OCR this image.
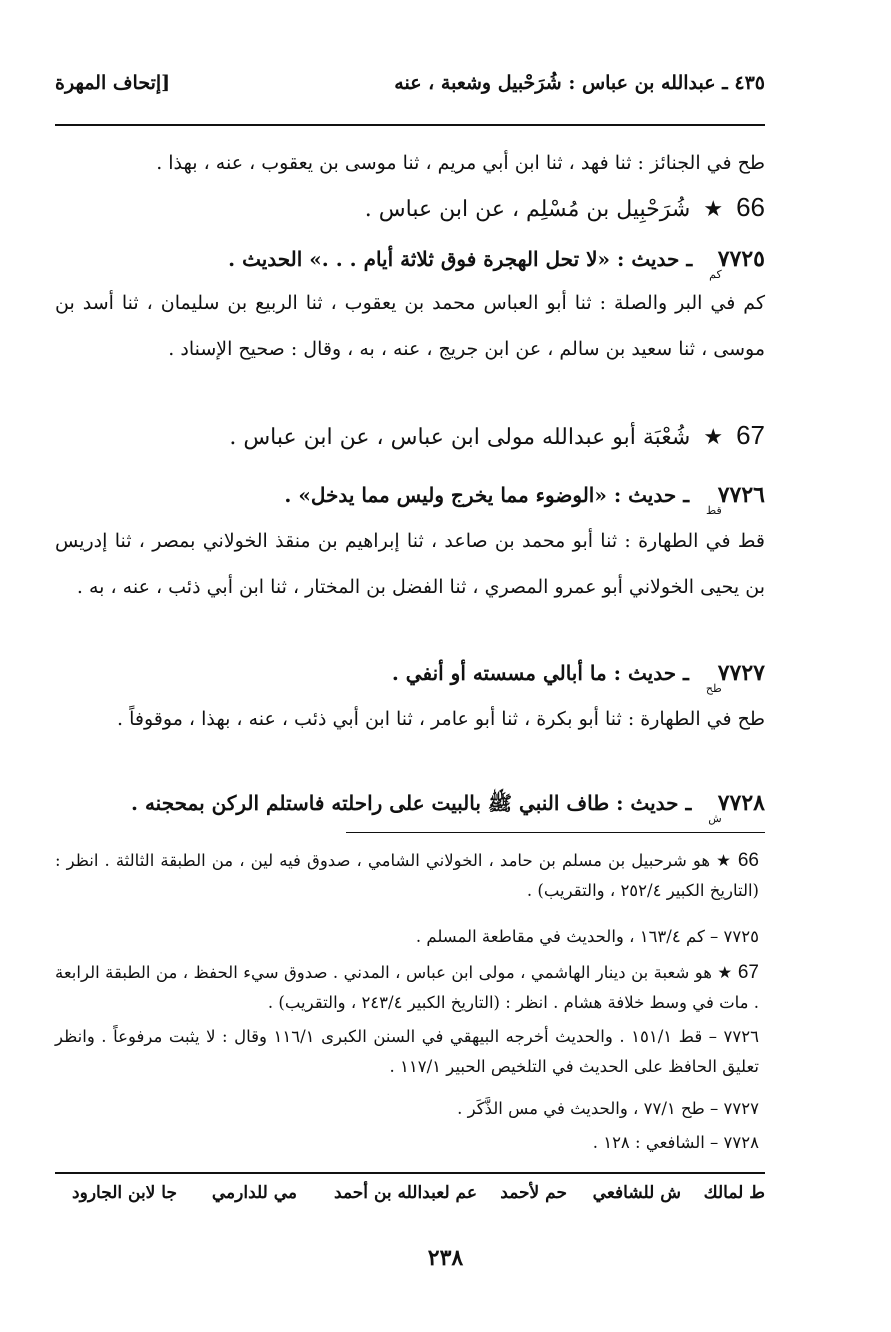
٤٣٥ ـ عبدالله بن عباس : شُرَحْبيل وشعبة ، عنه
[إتحاف المهرة
طح في الجنائز : ثنا فهد ، ثنا ابن أبي مريم ، ثنا موسى بن يعقوب ، عنه ، بهذا .
66 ★ شُرَحْبِيل بن مُسْلِم ، عن ابن عباس .
٧٧٢٥كم ـ حديث : «لا تحل الهجرة فوق ثلاثة أيام . . .» الحديث .
كم في البر والصلة : ثنا أبو العباس محمد بن يعقوب ، ثنا الربيع بن سليمان ، ثنا أسد بن موسى ، ثنا سعيد بن سالم ، عن ابن جريج ، عنه ، به ، وقال : صحيح الإسناد .
67 ★ شُعْبَة أبو عبدالله مولى ابن عباس ، عن ابن عباس .
٧٧٢٦قط ـ حديث : «الوضوء مما يخرج وليس مما يدخل» .
قط في الطهارة : ثنا أبو محمد بن صاعد ، ثنا إبراهيم بن منقذ الخولاني بمصر ، ثنا إدريس بن يحيى الخولاني أبو عمرو المصري ، ثنا الفضل بن المختار ، ثنا ابن أبي ذئب ، عنه ، به .
٧٧٢٧طح ـ حديث : ما أبالي مسسته أو أنفي .
طح في الطهارة : ثنا أبو بكرة ، ثنا أبو عامر ، ثنا ابن أبي ذئب ، عنه ، بهذا ، موقوفاً .
٧٧٢٨ش ـ حديث : طاف النبي ﷺ بالبيت على راحلته فاستلم الركن بمحجنه .
66 ★ هو شرحبيل بن مسلم بن حامد ، الخولاني الشامي ، صدوق فيه لين ، من الطبقة الثالثة . انظر : (التاريخ الكبير ٢٥٢/٤ ، والتقريب) .
٧٧٢٥ – كم ١٦٣/٤ ، والحديث في مقاطعة المسلم .
67 ★ هو شعبة بن دينار الهاشمي ، مولى ابن عباس ، المدني . صدوق سيء الحفظ ، من الطبقة الرابعة . مات في وسط خلافة هشام . انظر : (التاريخ الكبير ٢٤٣/٤ ، والتقريب) .
٧٧٢٦ – قط ١٥١/١ . والحديث أخرجه البيهقي في السنن الكبرى ١١٦/١ وقال : لا يثبت مرفوعاً . وانظر تعليق الحافظ على الحديث في التلخيص الحبير ١١٧/١ .
٧٧٢٧ – طح ٧٧/١ ، والحديث في مس الذَّكَر .
٧٧٢٨ – الشافعي : ١٢٨ .
ط لمالك
ش للشافعي
حم لأحمد
عم لعبدالله بن أحمد
مي للدارمي
جا لابن الجارود
٢٣٨
